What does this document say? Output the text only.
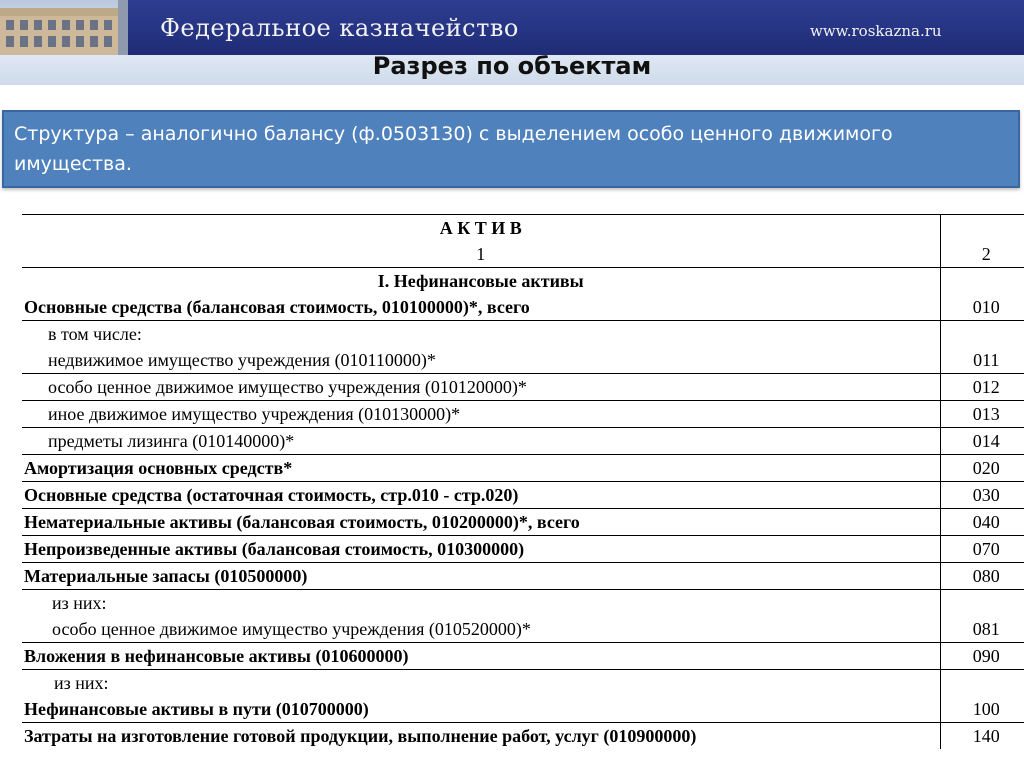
Федеральное казначейство	www.roskazna.ru
Разрез по объектам
Структура – аналогично балансу (ф.0503130) с выделением особо ценного движимого имущества.
А К Т И В
1	2

I. Нефинансовые активы
Основные средства (балансовая стоимость, 010100000)*, всего	010

в том числе:
недвижимое имущество учреждения (010110000)*	011
особо ценное движимое имущество учреждения (010120000)*	012
иное движимое имущество учреждения (010130000)*	013
предметы лизинга (010140000)*	014
Амортизация основных средств*	020
Основные средства (остаточная стоимость, стр.010 - стр.020)	030
Нематериальные активы (балансовая стоимость, 010200000)*, всего	040
Непроизведенные активы (балансовая стоимость, 010300000)	070
Материальные запасы (010500000)	080

из них:
особо ценное движимое имущество учреждения (010520000)*	081
Вложения в нефинансовые активы (010600000)	090

из них:
Нефинансовые активы в пути (010700000)	100
Затраты на изготовление готовой продукции, выполнение работ, услуг (010900000)	140
